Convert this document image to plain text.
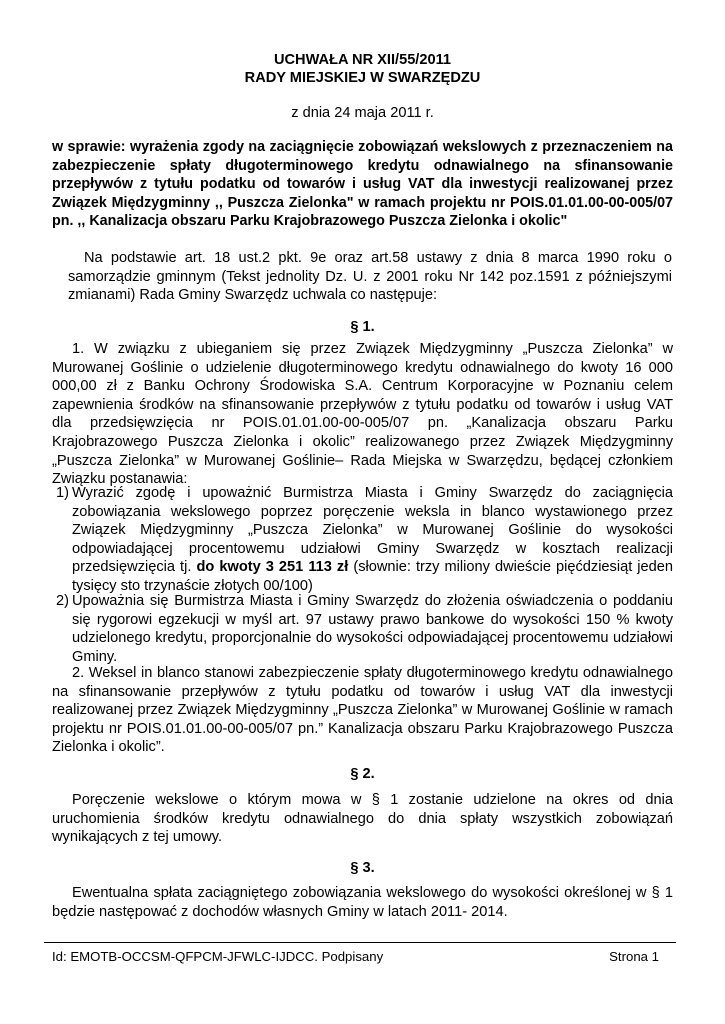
UCHWAŁA NR XII/55/2011
RADY MIEJSKIEJ W SWARZĘDZU
z dnia 24 maja 2011 r.
w sprawie: wyrażenia zgody na zaciągnięcie zobowiązań wekslowych z przeznaczeniem na zabezpieczenie spłaty długoterminowego kredytu odnawialnego na sfinansowanie przepływów z tytułu podatku od towarów i usług VAT dla inwestycji realizowanej przez Związek Międzygminny ,, Puszcza Zielonka" w ramach projektu nr POIS.01.01.00-00-005/07 pn. ,, Kanalizacja obszaru Parku Krajobrazowego Puszcza Zielonka i okolic"
Na podstawie art. 18 ust.2 pkt. 9e oraz art.58 ustawy z dnia 8 marca 1990 roku o samorządzie gminnym (Tekst jednolity Dz. U. z 2001 roku Nr 142 poz.1591 z późniejszymi zmianami) Rada Gminy Swarzędz uchwala co następuje:
§ 1.
1. W związku z ubieganiem się przez Związek Międzygminny „Puszcza Zielonka” w Murowanej Goślinie o udzielenie długoterminowego kredytu odnawialnego do kwoty 16 000 000,00 zł z Banku Ochrony Środowiska S.A. Centrum Korporacyjne w Poznaniu celem zapewnienia środków na sfinansowanie przepływów z tytułu podatku od towarów i usług VAT dla przedsięwzięcia nr POIS.01.01.00-00-005/07 pn. „Kanalizacja obszaru Parku Krajobrazowego Puszcza Zielonka i okolic” realizowanego przez Związek Międzygminny „Puszcza Zielonka” w Murowanej Goślinie– Rada Miejska w Swarzędzu, będącej członkiem Związku postanawia:
1) Wyrazić zgodę i upoważnić Burmistrza Miasta i Gminy Swarzędz do zaciągnięcia zobowiązania wekslowego poprzez poręczenie weksla in blanco wystawionego przez Związek Międzygminny „Puszcza Zielonka” w Murowanej Goślinie do wysokości odpowiadającej procentowemu udziałowi Gminy Swarzędz w kosztach realizacji przedsięwzięcia tj. do kwoty 3 251 113 zł (słownie: trzy miliony dwieście pięćdziesiąt jeden tysięcy sto trzynaście złotych 00/100)
2) Upoważnia się Burmistrza Miasta i Gminy Swarzędz do złożenia oświadczenia o poddaniu się rygorowi egzekucji w myśl art. 97 ustawy prawo bankowe do wysokości 150 % kwoty udzielonego kredytu, proporcjonalnie do wysokości odpowiadającej procentowemu udziałowi Gminy.
2. Weksel in blanco stanowi zabezpieczenie spłaty długoterminowego kredytu odnawialnego na sfinansowanie przepływów z tytułu podatku od towarów i usług VAT dla inwestycji realizowanej przez Związek Międzygminny „Puszcza Zielonka” w Murowanej Goślinie w ramach projektu nr POIS.01.01.00-00-005/07 pn.” Kanalizacja obszaru Parku Krajobrazowego Puszcza Zielonka i okolic”.
§ 2.
Poręczenie wekslowe o którym mowa w § 1 zostanie udzielone na okres od dnia uruchomienia środków kredytu odnawialnego do dnia spłaty wszystkich zobowiązań wynikających z tej umowy.
§ 3.
Ewentualna spłata zaciągniętego zobowiązania wekslowego do wysokości określonej w § 1 będzie następować z dochodów własnych Gminy w latach 2011- 2014.
Id: EMOTB-OCCSM-QFPCM-JFWLC-IJDCC. Podpisany	Strona 1
